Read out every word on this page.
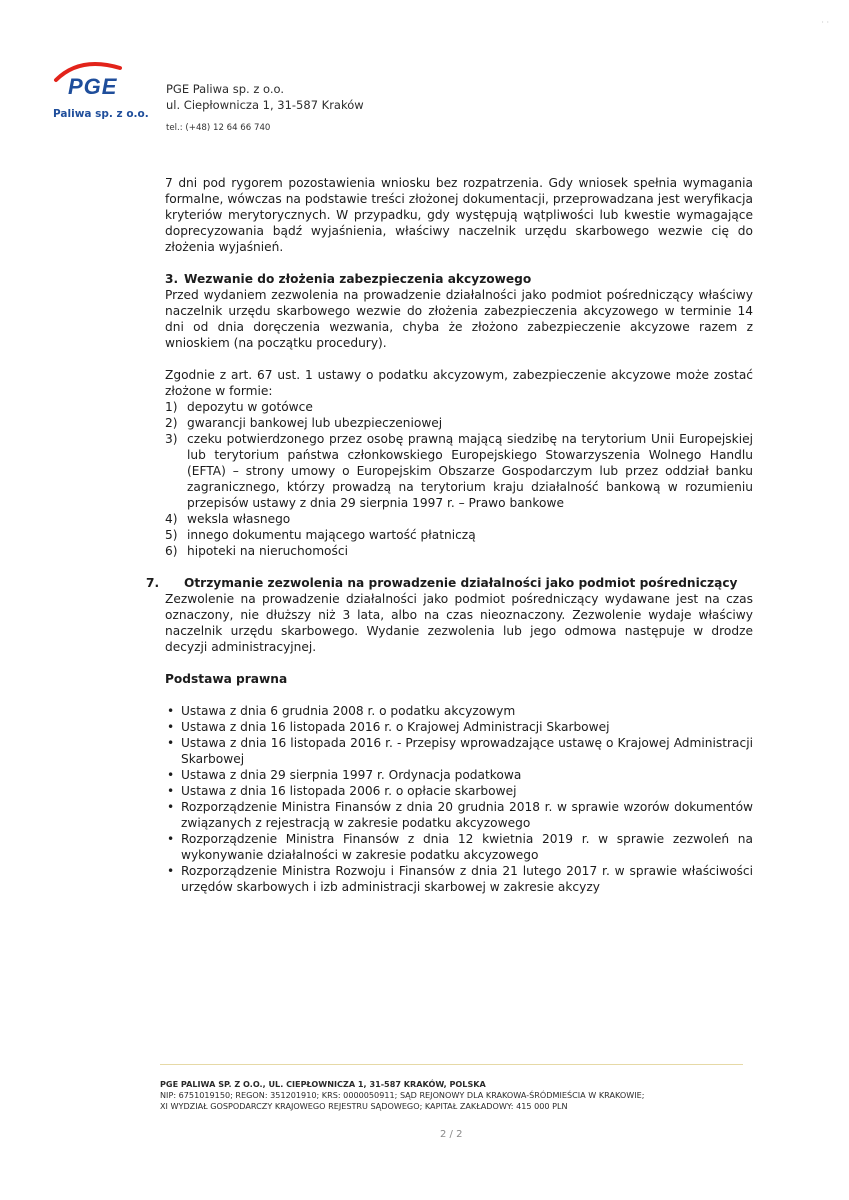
· ·
PGE
Paliwa sp. z o.o.
PGE Paliwa sp. z o.o.
ul. Ciepłownicza 1, 31-587 Kraków
tel.: (+48) 12 64 66 740

7 dni pod rygorem pozostawienia wniosku bez rozpatrzenia. Gdy wniosek spełnia wymagania formalne, wówczas na podstawie treści złożonej dokumentacji, przeprowadzana jest weryfikacja kryteriów merytorycznych. W przypadku, gdy występują wątpliwości lub kwestie wymagające doprecyzowania bądź wyjaśnienia, właściwy naczelnik urzędu skarbowego wezwie cię do złożenia wyjaśnień.

3. Wezwanie do złożenia zabezpieczenia akcyzowego

Przed wydaniem zezwolenia na prowadzenie działalności jako podmiot pośredniczący właściwy naczelnik urzędu skarbowego wezwie do złożenia zabezpieczenia akcyzowego w terminie 14 dni od dnia doręczenia wezwania, chyba że złożono zabezpieczenie akcyzowe razem z wnioskiem (na początku procedury).

Zgodnie z art. 67 ust. 1 ustawy o podatku akcyzowym, zabezpieczenie akcyzowe może zostać złożone w formie:

1) depozytu w gotówce
2) gwarancji bankowej lub ubezpieczeniowej
3) czeku potwierdzonego przez osobę prawną mającą siedzibę na terytorium Unii Europejskiej lub terytorium państwa członkowskiego Europejskiego Stowarzyszenia Wolnego Handlu (EFTA) – strony umowy o Europejskim Obszarze Gospodarczym lub przez oddział banku zagranicznego, którzy prowadzą na terytorium kraju działalność bankową w rozumieniu przepisów ustawy z dnia 29 sierpnia 1997 r. – Prawo bankowe
4) weksla własnego
5) innego dokumentu mającego wartość płatniczą
6) hipoteki na nieruchomości
7. Otrzymanie zezwolenia na prowadzenie działalności jako podmiot pośredniczący

Zezwolenie na prowadzenie działalności jako podmiot pośredniczący wydawane jest na czas oznaczony, nie dłuższy niż 3 lata, albo na czas nieoznaczony. Zezwolenie wydaje właściwy naczelnik urzędu skarbowego. Wydanie zezwolenia lub jego odmowa następuje w drodze decyzji administracyjnej.

Podstawa prawna
• Ustawa z dnia 6 grudnia 2008 r. o podatku akcyzowym
• Ustawa z dnia 16 listopada 2016 r. o Krajowej Administracji Skarbowej
• Ustawa z dnia 16 listopada 2016 r. - Przepisy wprowadzające ustawę o Krajowej Administracji Skarbowej
• Ustawa z dnia 29 sierpnia 1997 r. Ordynacja podatkowa
• Ustawa z dnia 16 listopada 2006 r. o opłacie skarbowej
• Rozporządzenie Ministra Finansów z dnia 20 grudnia 2018 r. w sprawie wzorów dokumentów związanych z rejestracją w zakresie podatku akcyzowego
• Rozporządzenie Ministra Finansów z dnia 12 kwietnia 2019 r. w sprawie zezwoleń na wykonywanie działalności w zakresie podatku akcyzowego
• Rozporządzenie Ministra Rozwoju i Finansów z dnia 21 lutego 2017 r. w sprawie właściwości urzędów skarbowych i izb administracji skarbowej w zakresie akcyzy
PGE PALIWA SP. Z O.O., UL. CIEPŁOWNICZA 1, 31-587 KRAKÓW, POLSKA
NIP: 6751019150; REGON: 351201910; KRS: 0000050911; SĄD REJONOWY DLA KRAKOWA-ŚRÓDMIEŚCIA W KRAKOWIE;
XI WYDZIAŁ GOSPODARCZY KRAJOWEGO REJESTRU SĄDOWEGO; KAPITAŁ ZAKŁADOWY: 415 000 PLN
2 / 2
